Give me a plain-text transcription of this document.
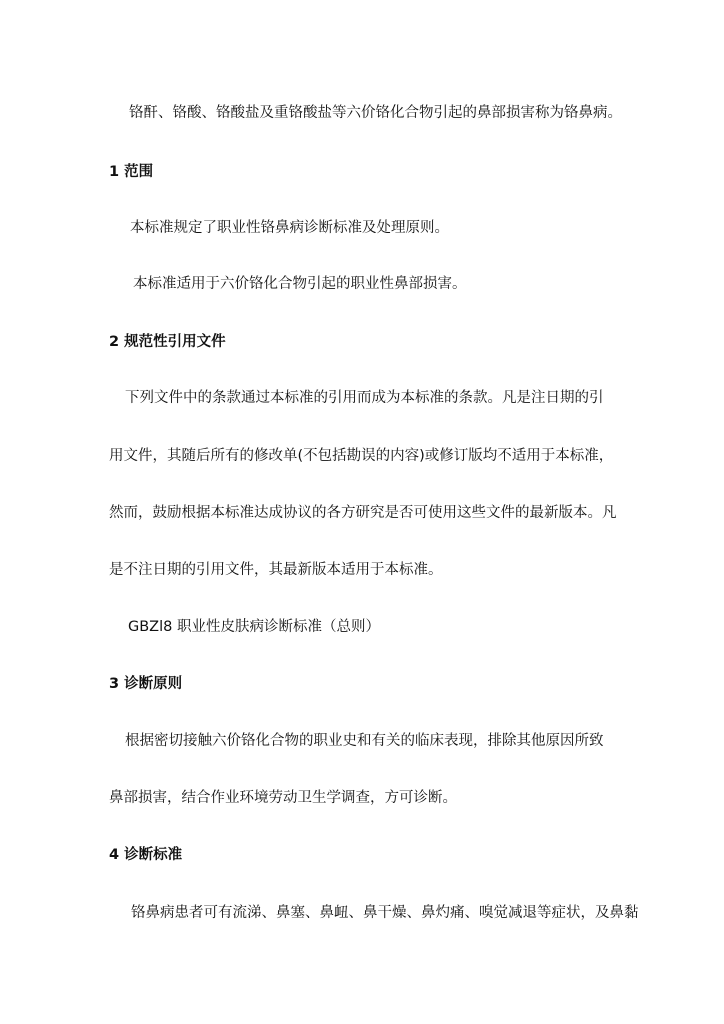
铬酐、铬酸、铬酸盐及重铬酸盐等六价铬化合物引起的鼻部损害称为铬鼻病。
1 范围
本标准规定了职业性铬鼻病诊断标准及处理原则。
本标准适用于六价铬化合物引起的职业性鼻部损害。
2 规范性引用文件
下列文件中的条款通过本标准的引用而成为本标准的条款。凡是注日期的引
用文件，其随后所有的修改单(不包括勘误的内容)或修订版均不适用于本标准，
然而，鼓励根据本标准达成协议的各方研究是否可使用这些文件的最新版本。凡
是不注日期的引用文件，其最新版本适用于本标准。
GBZl8 职业性皮肤病诊断标准（总则）
3 诊断原则
根据密切接触六价铬化合物的职业史和有关的临床表现，排除其他原因所致
鼻部损害，结合作业环境劳动卫生学调查，方可诊断。
4 诊断标准
铬鼻病患者可有流涕、鼻塞、鼻衄、鼻干燥、鼻灼痛、嗅觉减退等症状，及鼻黏
